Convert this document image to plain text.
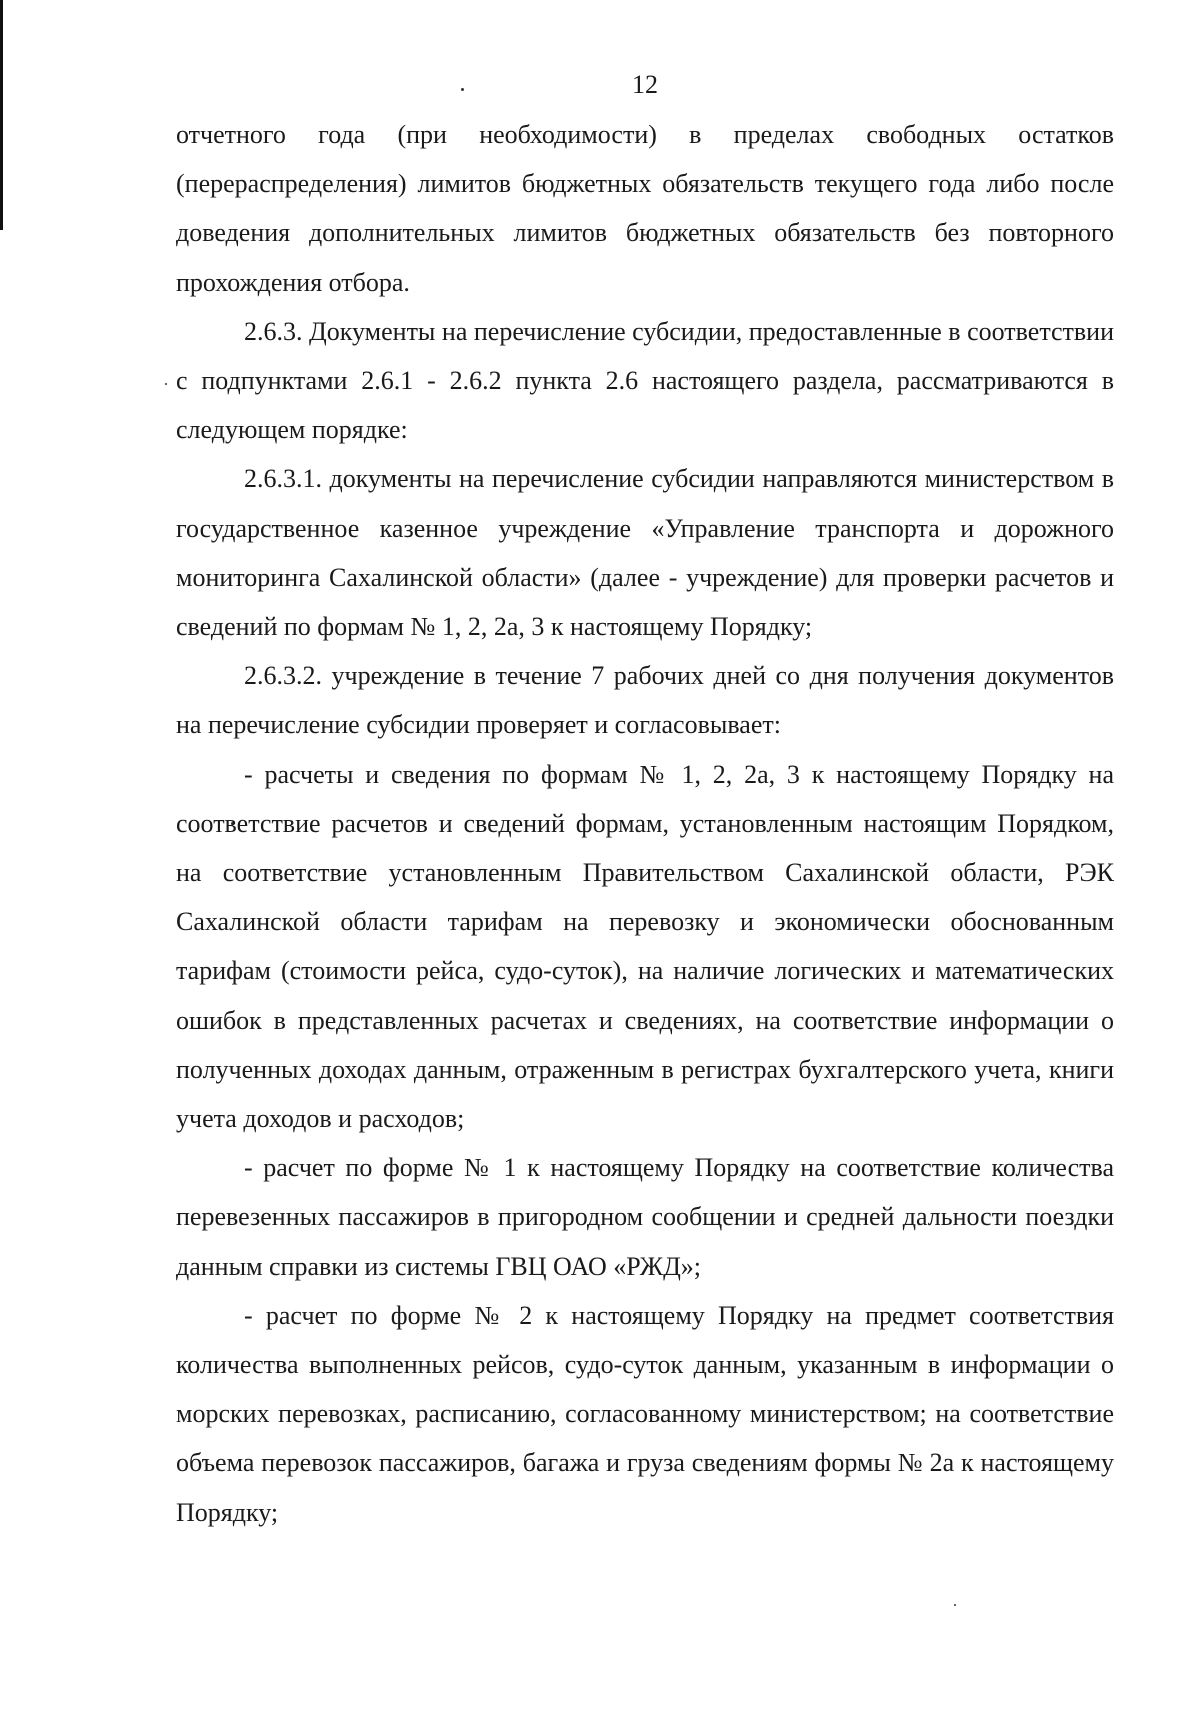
12

отчетного года (при необходимости) в пределах свободных остатков (перераспределения) лимитов бюджетных обязательств текущего года либо после доведения дополнительных лимитов бюджетных обязательств без повторного прохождения отбора.

2.6.3. Документы на перечисление субсидии, предоставленные в соответствии с подпунктами 2.6.1 - 2.6.2 пункта 2.6 настоящего раздела, рассматриваются в следующем порядке:

2.6.3.1. документы на перечисление субсидии направляются министерством в государственное казенное учреждение «Управление транспорта и дорожного мониторинга Сахалинской области» (далее - учреждение) для проверки расчетов и сведений по формам № 1, 2, 2а, 3 к настоящему Порядку;

2.6.3.2. учреждение в течение 7 рабочих дней со дня получения документов на перечисление субсидии проверяет и согласовывает:

- расчеты и сведения по формам № 1, 2, 2а, 3 к настоящему Порядку на соответствие расчетов и сведений формам, установленным настоящим Порядком, на соответствие установленным Правительством Сахалинской области, РЭК Сахалинской области тарифам на перевозку и экономически обоснованным тарифам (стоимости рейса, судо-суток), на наличие логических и математических ошибок в представленных расчетах и сведениях, на соответствие информации о полученных доходах данным, отраженным в регистрах бухгалтерского учета, книги учета доходов и расходов;

- расчет по форме № 1 к настоящему Порядку на соответствие количества перевезенных пассажиров в пригородном сообщении и средней дальности поездки данным справки из системы ГВЦ ОАО «РЖД»;

- расчет по форме № 2 к настоящему Порядку на предмет соответствия количества выполненных рейсов, судо-суток данным, указанным в информации о морских перевозках, расписанию, согласованному министерством; на соответствие объема перевозок пассажиров, багажа и груза сведениям формы № 2а к настоящему Порядку;
